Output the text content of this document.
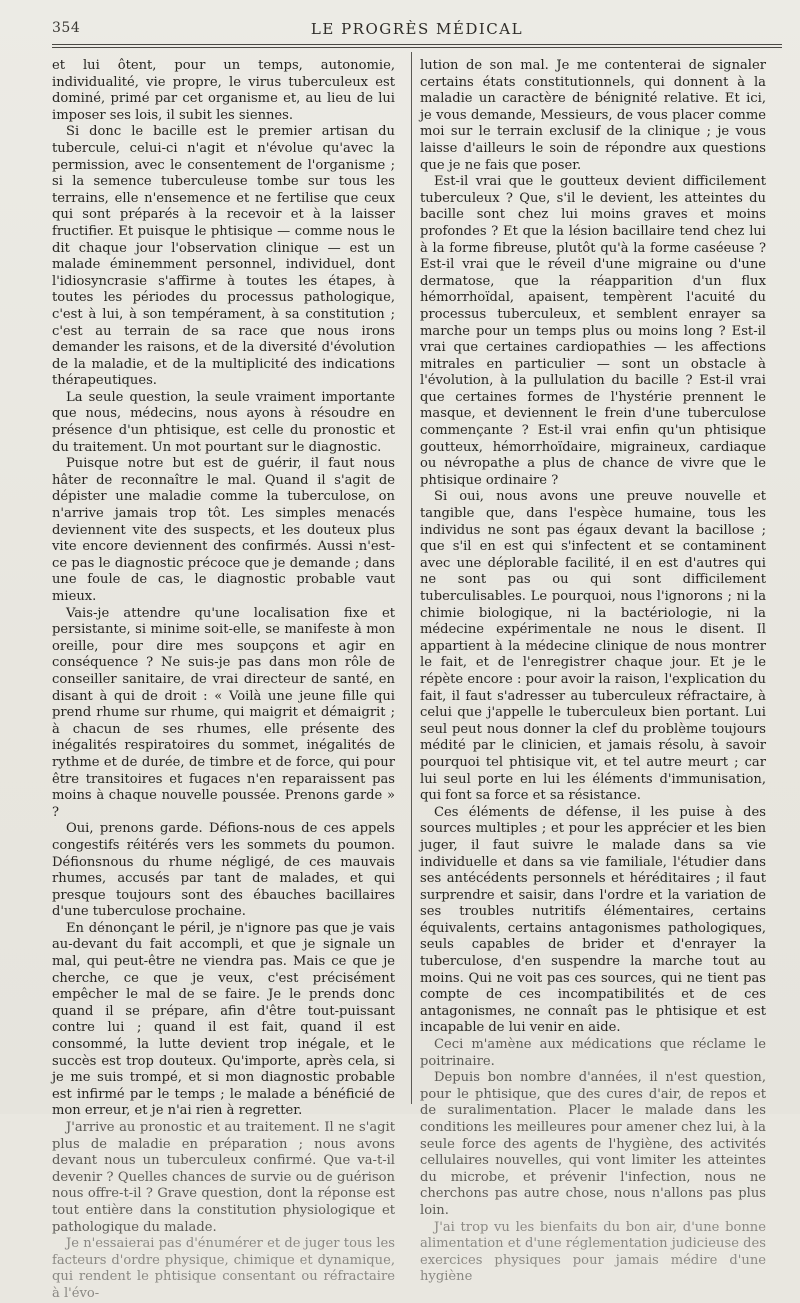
354	LE PROGRÈS MÉDICAL

et lui ôtent, pour un temps, autonomie, individualité, vie propre, le virus tuberculeux est dominé, primé par cet organisme et, au lieu de lui imposer ses lois, il subit les siennes.

Si donc le bacille est le premier artisan du tubercule, celui-ci n'agit et n'évolue qu'avec la permission, avec le consentement de l'organisme ; si la semence tuberculeuse tombe sur tous les terrains, elle n'ensemence et ne fertilise que ceux qui sont préparés à la recevoir et à la laisser fructifier. Et puisque le phtisique — comme nous le dit chaque jour l'observation clinique — est un malade éminemment personnel, individuel, dont l'idiosyncrasie s'affirme à toutes les étapes, à toutes les périodes du processus pathologique, c'est à lui, à son tempérament, à sa constitution ; c'est au terrain de sa race que nous irons demander les raisons, et de la diversité d'évolution de la maladie, et de la multiplicité des indications thérapeutiques.

La seule question, la seule vraiment importante que nous, médecins, nous ayons à résoudre en présence d'un phtisique, est celle du pronostic et du traitement. Un mot pourtant sur le diagnostic.

Puisque notre but est de guérir, il faut nous hâter de reconnaître le mal. Quand il s'agit de dépister une maladie comme la tuberculose, on n'arrive jamais trop tôt. Les simples menacés deviennent vite des suspects, et les douteux plus vite encore deviennent des confirmés. Aussi n'est-ce pas le diagnostic précoce que je demande ; dans une foule de cas, le diagnostic probable vaut mieux.

Vais-je attendre qu'une localisation fixe et persistante, si minime soit-elle, se manifeste à mon oreille, pour dire mes soupçons et agir en conséquence ? Ne suis-je pas dans mon rôle de conseiller sanitaire, de vrai directeur de santé, en disant à qui de droit : « Voilà une jeune fille qui prend rhume sur rhume, qui maigrit et démaigrit ; à chacun de ses rhumes, elle présente des inégalités respiratoires du sommet, inégalités de rythme et de durée, de timbre et de force, qui pour être transitoires et fugaces n'en reparaissent pas moins à chaque nouvelle poussée. Prenons garde » ?

Oui, prenons garde. Défions-nous de ces appels congestifs réitérés vers les sommets du poumon. Défionsnous du rhume négligé, de ces mauvais rhumes, accusés par tant de malades, et qui presque toujours sont des ébauches bacillaires d'une tuberculose prochaine.

En dénonçant le péril, je n'ignore pas que je vais au-devant du fait accompli, et que je signale un mal, qui peut-être ne viendra pas. Mais ce que je cherche, ce que je veux, c'est précisément empêcher le mal de se faire. Je le prends donc quand il se prépare, afin d'être tout-puissant contre lui ; quand il est fait, quand il est consommé, la lutte devient trop inégale, et le succès est trop douteux. Qu'importe, après cela, si je me suis trompé, et si mon diagnostic probable est infirmé par le temps ; le malade a bénéficié de mon erreur, et je n'ai rien à regretter.

J'arrive au pronostic et au traitement. Il ne s'agit plus de maladie en préparation ; nous avons devant nous un tuberculeux confirmé. Que va-t-il devenir ? Quelles chances de survie ou de guérison nous offre-t-il ? Grave question, dont la réponse est tout entière dans la constitution physiologique et pathologique du malade.

Je n'essaierai pas d'énumérer et de juger tous les facteurs d'ordre physique, chimique et dynamique, qui rendent le phtisique consentant ou réfractaire à l'évo-

lution de son mal. Je me contenterai de signaler certains états constitutionnels, qui donnent à la maladie un caractère de bénignité relative. Et ici, je vous demande, Messieurs, de vous placer comme moi sur le terrain exclusif de la clinique ; je vous laisse d'ailleurs le soin de répondre aux questions que je ne fais que poser.

Est-il vrai que le goutteux devient difficilement tuberculeux ? Que, s'il le devient, les atteintes du bacille sont chez lui moins graves et moins profondes ? Et que la lésion bacillaire tend chez lui à la forme fibreuse, plutôt qu'à la forme caséeuse ? Est-il vrai que le réveil d'une migraine ou d'une dermatose, que la réapparition d'un flux hémorrhoïdal, apaisent, tempèrent l'acuité du processus tuberculeux, et semblent enrayer sa marche pour un temps plus ou moins long ? Est-il vrai que certaines cardiopathies — les affections mitrales en particulier — sont un obstacle à l'évolution, à la pullulation du bacille ? Est-il vrai que certaines formes de l'hystérie prennent le masque, et deviennent le frein d'une tuberculose commençante ? Est-il vrai enfin qu'un phtisique goutteux, hémorrhoïdaire, migraineux, cardiaque ou névropathe a plus de chance de vivre que le phtisique ordinaire ?

Si oui, nous avons une preuve nouvelle et tangible que, dans l'espèce humaine, tous les individus ne sont pas égaux devant la bacillose ; que s'il en est qui s'infectent et se contaminent avec une déplorable facilité, il en est d'autres qui ne sont pas ou qui sont difficilement tuberculisables. Le pourquoi, nous l'ignorons ; ni la chimie biologique, ni la bactériologie, ni la médecine expérimentale ne nous le disent. Il appartient à la médecine clinique de nous montrer le fait, et de l'enregistrer chaque jour. Et je le répète encore : pour avoir la raison, l'explication du fait, il faut s'adresser au tuberculeux réfractaire, à celui que j'appelle le tuberculeux bien portant. Lui seul peut nous donner la clef du problème toujours médité par le clinicien, et jamais résolu, à savoir pourquoi tel phtisique vit, et tel autre meurt ; car lui seul porte en lui les éléments d'immunisation, qui font sa force et sa résistance.

Ces éléments de défense, il les puise à des sources multiples ; et pour les apprécier et les bien juger, il faut suivre le malade dans sa vie individuelle et dans sa vie familiale, l'étudier dans ses antécédents personnels et héréditaires ; il faut surprendre et saisir, dans l'ordre et la variation de ses troubles nutritifs élémentaires, certains équivalents, certains antagonismes pathologiques, seuls capables de brider et d'enrayer la tuberculose, d'en suspendre la marche tout au moins. Qui ne voit pas ces sources, qui ne tient pas compte de ces incompatibilités et de ces antagonismes, ne connaît pas le phtisique et est incapable de lui venir en aide.

Ceci m'amène aux médications que réclame le poitrinaire.

Depuis bon nombre d'années, il n'est question, pour le phtisique, que des cures d'air, de repos et de suralimentation. Placer le malade dans les conditions les meilleures pour amener chez lui, à la seule force des agents de l'hygiène, des activités cellulaires nouvelles, qui vont limiter les atteintes du microbe, et prévenir l'infection, nous ne cherchons pas autre chose, nous n'allons pas plus loin.

J'ai trop vu les bienfaits du bon air, d'une bonne alimentation et d'une réglementation judicieuse des exercices physiques pour jamais médire d'une hygiène
